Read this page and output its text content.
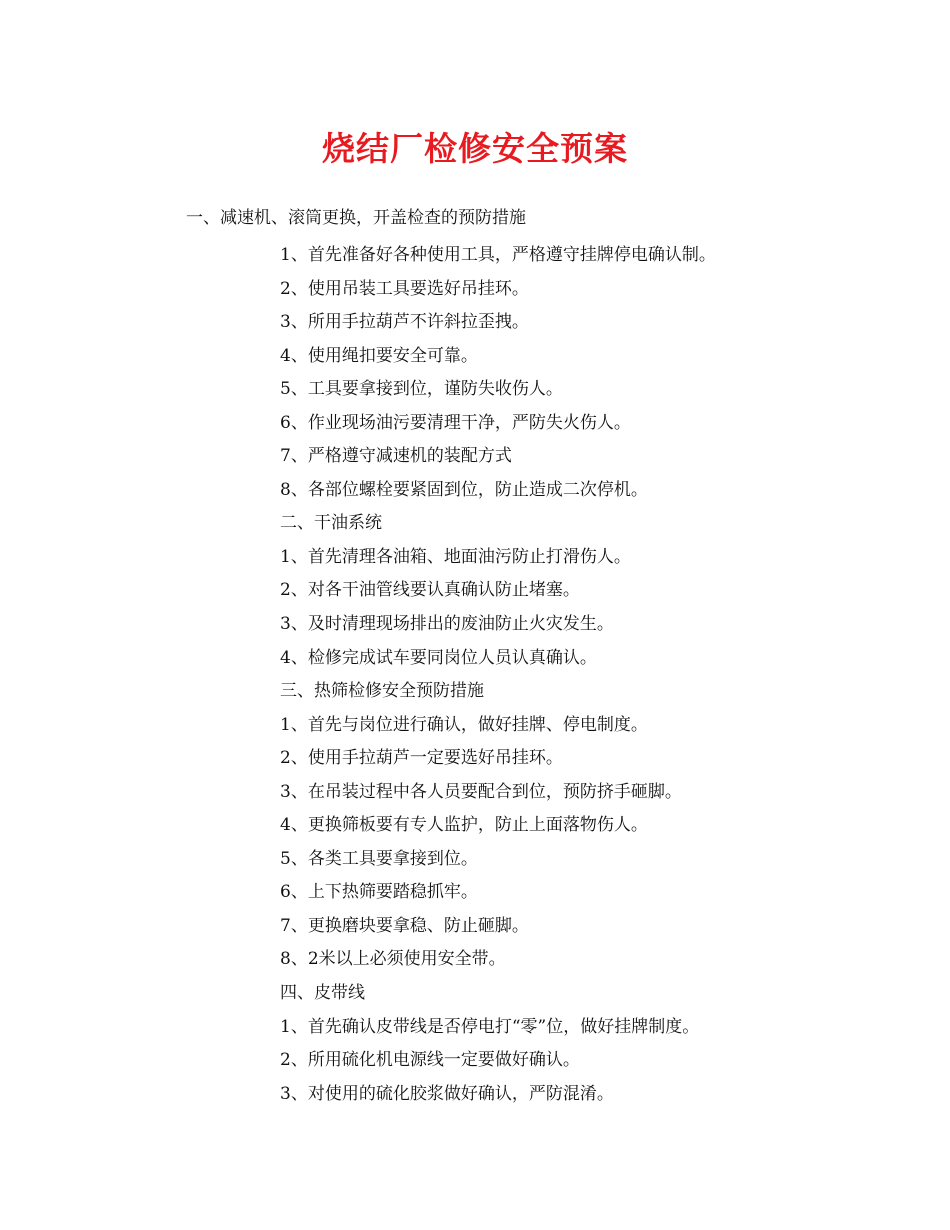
烧结厂检修安全预案

一、减速机、滚筒更换，开盖检查的预防措施

1、首先准备好各种使用工具，严格遵守挂牌停电确认制。
2、使用吊装工具要选好吊挂环。
3、所用手拉葫芦不许斜拉歪拽。
4、使用绳扣要安全可靠。
5、工具要拿接到位，谨防失收伤人。
6、作业现场油污要清理干净，严防失火伤人。
7、严格遵守减速机的装配方式
8、各部位螺栓要紧固到位，防止造成二次停机。
二、干油系统
1、首先清理各油箱、地面油污防止打滑伤人。
2、对各干油管线要认真确认防止堵塞。
3、及时清理现场排出的废油防止火灾发生。
4、检修完成试车要同岗位人员认真确认。
三、热筛检修安全预防措施
1、首先与岗位进行确认，做好挂牌、停电制度。
2、使用手拉葫芦一定要选好吊挂环。
3、在吊装过程中各人员要配合到位，预防挤手砸脚。
4、更换筛板要有专人监护，防止上面落物伤人。
5、各类工具要拿接到位。
6、上下热筛要踏稳抓牢。
7、更换磨块要拿稳、防止砸脚。
8、2米以上必须使用安全带。
四、皮带线
1、首先确认皮带线是否停电打“零”位，做好挂牌制度。
2、所用硫化机电源线一定要做好确认。
3、对使用的硫化胶浆做好确认，严防混淆。
